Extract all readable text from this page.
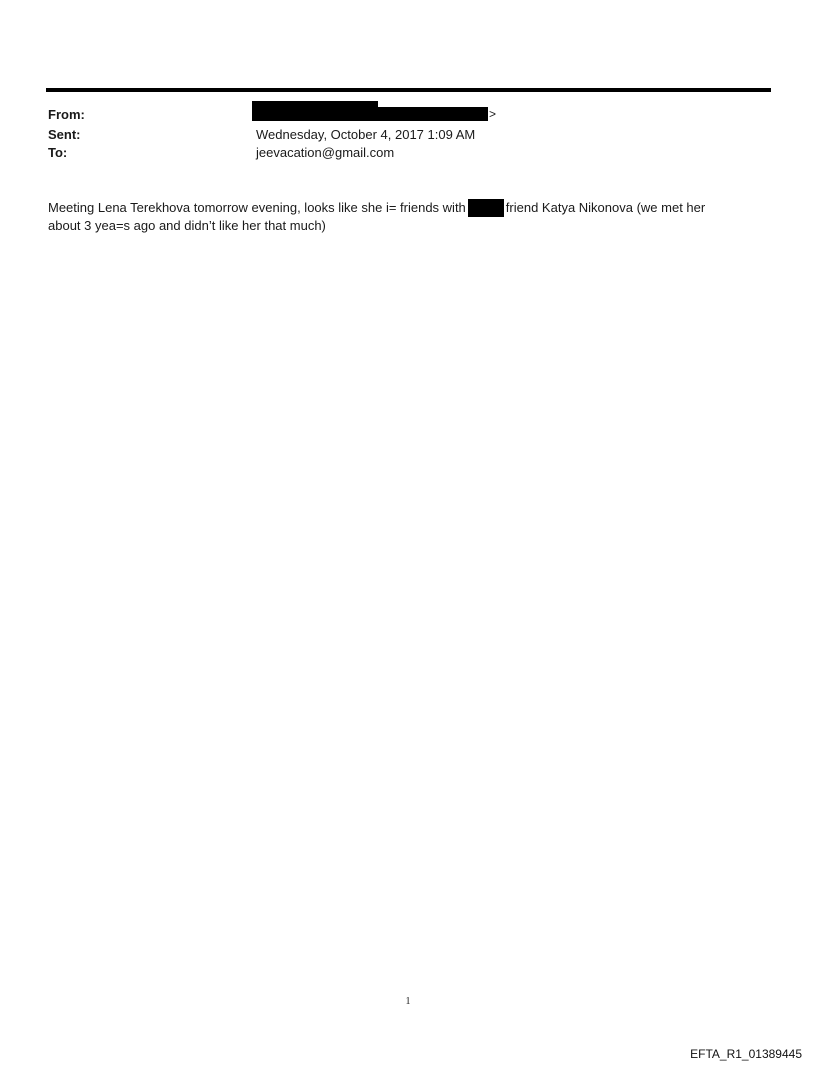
From:	>
Sent:	Wednesday, October 4, 2017 1:09 AM
To:	jeevacation@gmail.com
Meeting Lena Terekhova tomorrow evening, looks like she i= friends with	friend Katya Nikonova (we met her
about 3 yea=s ago and didn’t like her that much)
1
EFTA_R1_01389445
